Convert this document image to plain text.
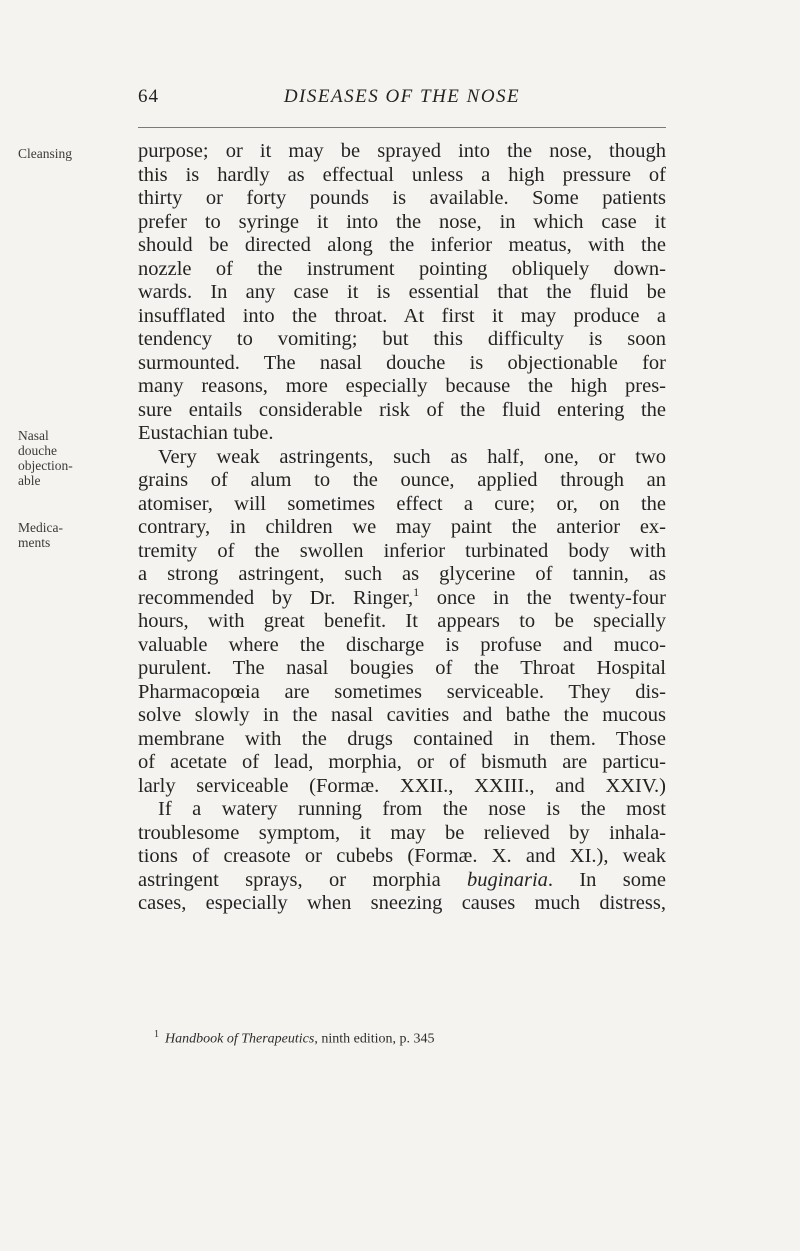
64	DISEASES OF THE NOSE
Cleansing
Nasal
douche
objection-
able
Medica-
ments
purpose; or it may be sprayed into the nose, though
this is hardly as effectual unless a high pressure of
thirty or forty pounds is available. Some patients
prefer to syringe it into the nose, in which case it
should be directed along the inferior meatus, with the
nozzle of the instrument pointing obliquely down-
wards. In any case it is essential that the fluid be
insufflated into the throat. At first it may produce a
tendency to vomiting; but this difficulty is soon
surmounted. The nasal douche is objectionable for
many reasons, more especially because the high pres-
sure entails considerable risk of the fluid entering the
Eustachian tube.
Very weak astringents, such as half, one, or two
grains of alum to the ounce, applied through an
atomiser, will sometimes effect a cure; or, on the
contrary, in children we may paint the anterior ex-
tremity of the swollen inferior turbinated body with
a strong astringent, such as glycerine of tannin, as
recommended by Dr. Ringer,$^1$ once in the twenty-four
hours, with great benefit. It appears to be specially
valuable where the discharge is profuse and muco-
purulent. The nasal bougies of the Throat Hospital
Pharmacopœia are sometimes serviceable. They dis-
solve slowly in the nasal cavities and bathe the mucous
membrane with the drugs contained in them. Those
of acetate of lead, morphia, or of bismuth are particu-
larly serviceable (Formæ. XXII., XXIII., and XXIV.)
If a watery running from the nose is the most
troublesome symptom, it may be relieved by inhala-
tions of creasote or cubebs (Formæ. X. and XI.), weak
astringent sprays, or morphia buginaria. In some
cases, especially when sneezing causes much distress,
$^1$ Handbook of Therapeutics, ninth edition, p. 345
